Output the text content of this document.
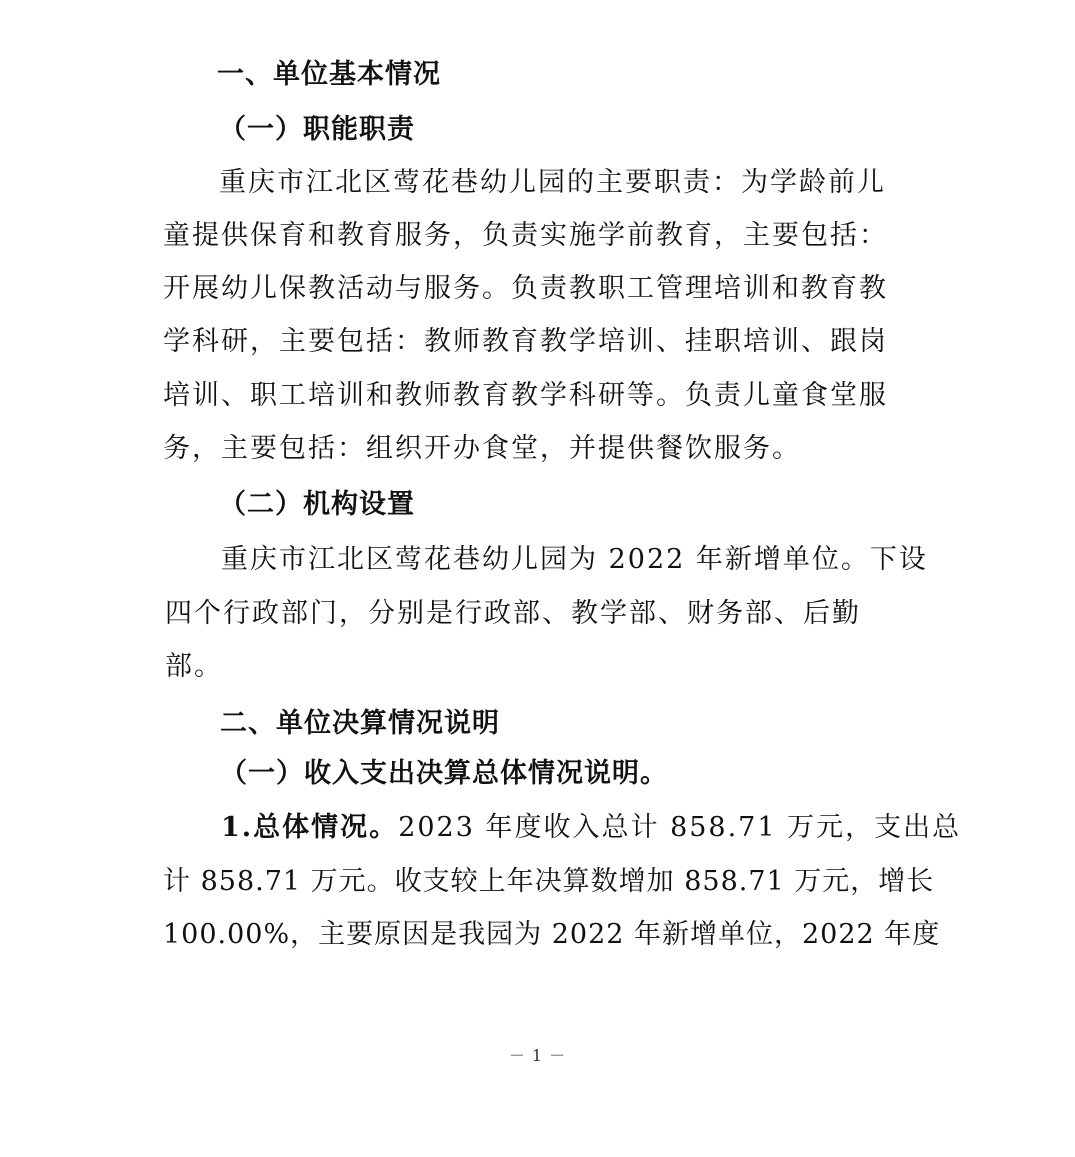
一、单位基本情况
（一）职能职责
重庆市江北区莺花巷幼儿园的主要职责：为学龄前儿
童提供保育和教育服务，负责实施学前教育，主要包括：
开展幼儿保教活动与服务。负责教职工管理培训和教育教
学科研，主要包括：教师教育教学培训、挂职培训、跟岗
培训、职工培训和教师教育教学科研等。负责儿童食堂服
务，主要包括：组织开办食堂，并提供餐饮服务。
（二）机构设置
重庆市江北区莺花巷幼儿园为 2022 年新增单位。下设
四个行政部门，分别是行政部、教学部、财务部、后勤
部。
二、单位决算情况说明
（一）收入支出决算总体情况说明。
1.总体情况。2023 年度收入总计 858.71 万元，支出总
计 858.71 万元。收支较上年决算数增加 858.71 万元，增长
100.00%，主要原因是我园为 2022 年新增单位，2022 年度
－ 1 －
